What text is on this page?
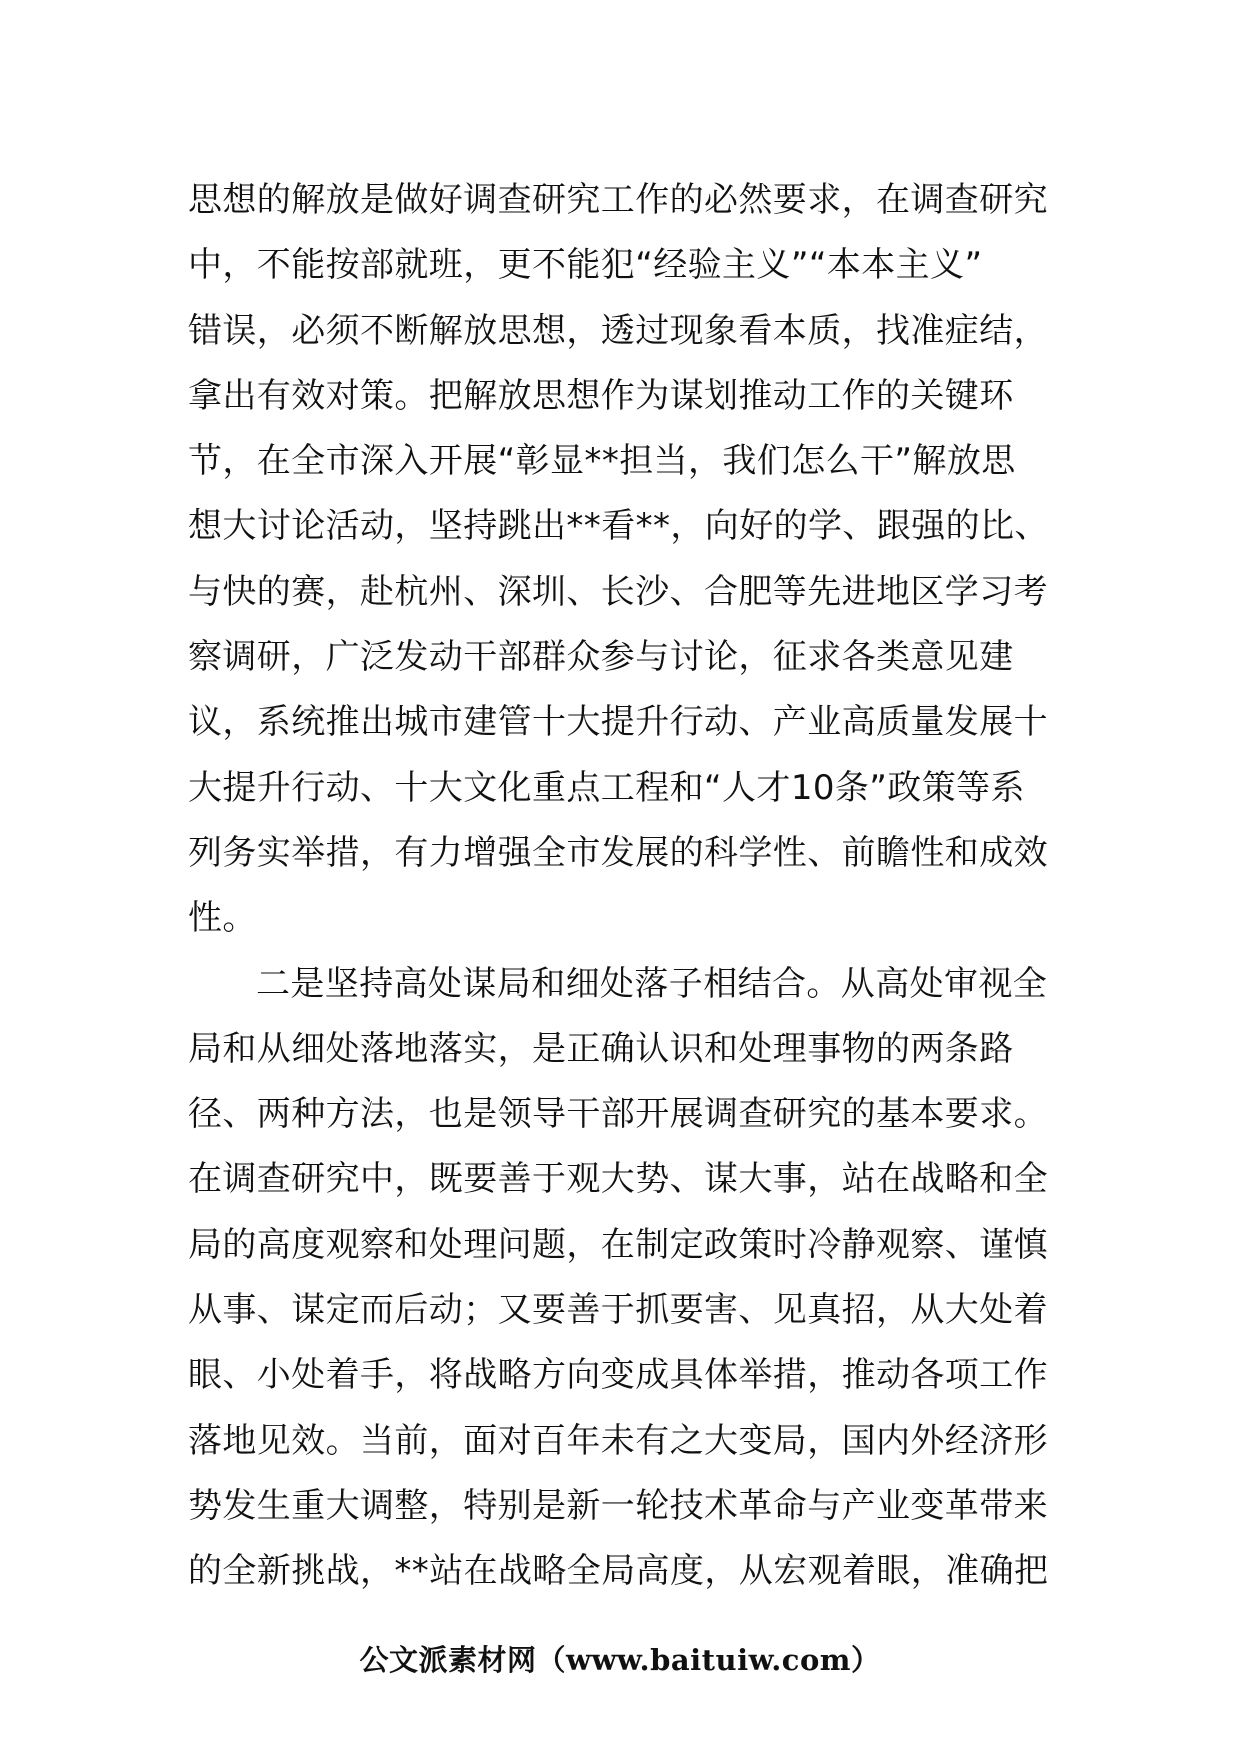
思想的解放是做好调查研究工作的必然要求，在调查研究
中，不能按部就班，更不能犯“经验主义”“本本主义”
错误，必须不断解放思想，透过现象看本质，找准症结，
拿出有效对策。把解放思想作为谋划推动工作的关键环
节，在全市深入开展“彰显**担当，我们怎么干”解放思
想大讨论活动，坚持跳出**看**，向好的学、跟强的比、
与快的赛，赴杭州、深圳、长沙、合肥等先进地区学习考
察调研，广泛发动干部群众参与讨论，征求各类意见建
议，系统推出城市建管十大提升行动、产业高质量发展十
大提升行动、十大文化重点工程和“人才10条”政策等系
列务实举措，有力增强全市发展的科学性、前瞻性和成效
性。

二是坚持高处谋局和细处落子相结合。从高处审视全
局和从细处落地落实，是正确认识和处理事物的两条路
径、两种方法，也是领导干部开展调查研究的基本要求。
在调查研究中，既要善于观大势、谋大事，站在战略和全
局的高度观察和处理问题，在制定政策时冷静观察、谨慎
从事、谋定而后动；又要善于抓要害、见真招，从大处着
眼、小处着手，将战略方向变成具体举措，推动各项工作
落地见效。当前，面对百年未有之大变局，国内外经济形
势发生重大调整，特别是新一轮技术革命与产业变革带来
的全新挑战，**站在战略全局高度，从宏观着眼，准确把

公文派素材网（www.baituiw.com）
